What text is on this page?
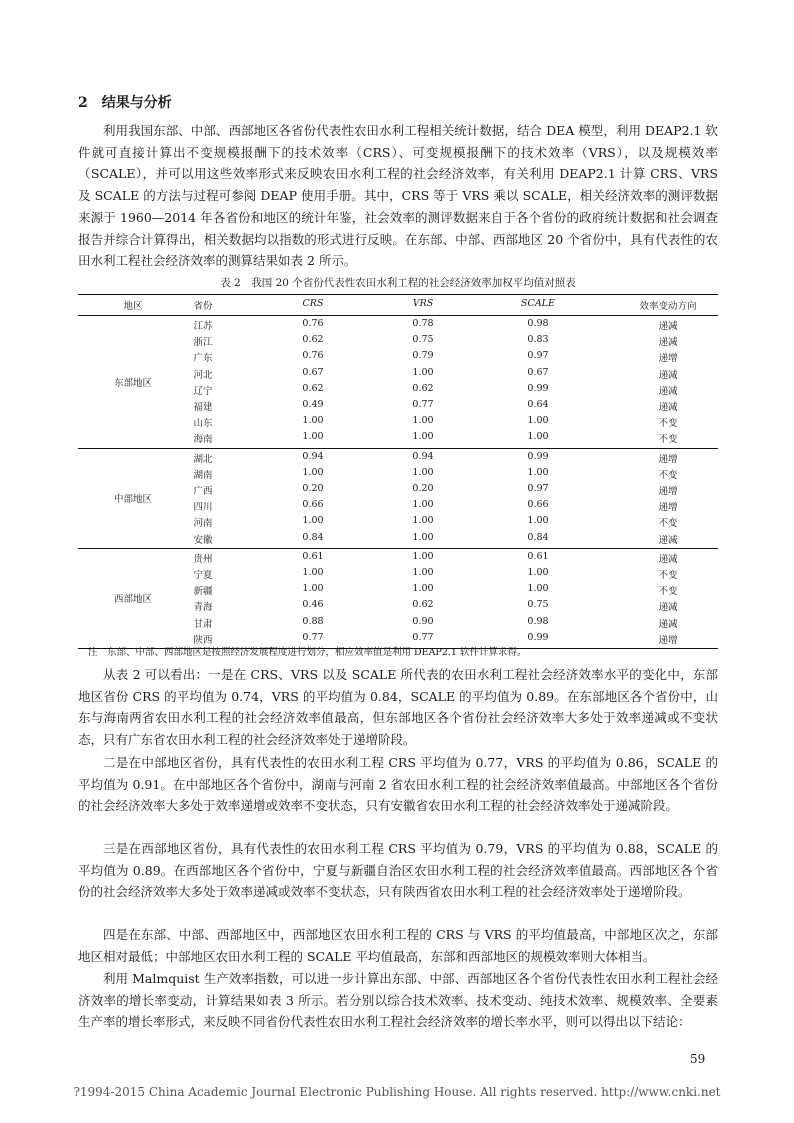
2　结果与分析

利用我国东部、中部、西部地区各省份代表性农田水利工程相关统计数据，结合 DEA 模型，利用 DEAP2.1 软件就可直接计算出不变规模报酬下的技术效率（CRS）、可变规模报酬下的技术效率（VRS），以及规模效率（SCALE），并可以用这些效率形式来反映农田水利工程的社会经济效率，有关利用 DEAP2.1 计算 CRS、VRS 及 SCALE 的方法与过程可参阅 DEAP 使用手册。其中，CRS 等于 VRS 乘以 SCALE，相关经济效率的测评数据来源于 1960—2014 年各省份和地区的统计年鉴，社会效率的测评数据来自于各个省份的政府统计数据和社会调查报告并综合计算得出，相关数据均以指数的形式进行反映。在东部、中部、西部地区 20 个省份中，具有代表性的农田水利工程社会经济效率的测算结果如表 2 所示。

表 2　我国 20 个省份代表性农田水利工程的社会经济效率加权平均值对照表
地区	省份	CRS	VRS	SCALE	效率变动方向
江苏	0.76	0.78	0.98	递减
浙江	0.62	0.75	0.83	递减
广东	0.76	0.79	0.97	递增
河北	0.67	1.00	0.67	递减
辽宁	0.62	0.62	0.99	递减
福建	0.49	0.77	0.64	递减
山东	1.00	1.00	1.00	不变
海南	1.00	1.00	1.00	不变
东部地区
湖北	0.94	0.94	0.99	递增
湖南	1.00	1.00	1.00	不变
广西	0.20	0.20	0.97	递增
四川	0.66	1.00	0.66	递增
河南	1.00	1.00	1.00	不变
安徽	0.84	1.00	0.84	递减
中部地区
贵州	0.61	1.00	0.61	递减
宁夏	1.00	1.00	1.00	不变
新疆	1.00	1.00	1.00	不变
青海	0.46	0.62	0.75	递减
甘肃	0.88	0.90	0.98	递减
陕西	0.77	0.77	0.99	递增
西部地区
注　东部、中部、西部地区是按照经济发展程度进行划分，相应效率值是利用 DEAP2.1 软件计算求得。

从表 2 可以看出：一是在 CRS、VRS 以及 SCALE 所代表的农田水利工程社会经济效率水平的变化中，东部地区省份 CRS 的平均值为 0.74，VRS 的平均值为 0.84，SCALE 的平均值为 0.89。在东部地区各个省份中，山东与海南两省农田水利工程的社会经济效率值最高，但东部地区各个省份社会经济效率大多处于效率递减或不变状态，只有广东省农田水利工程的社会经济效率处于递增阶段。

二是在中部地区省份，具有代表性的农田水利工程 CRS 平均值为 0.77，VRS 的平均值为 0.86，SCALE 的平均值为 0.91。在中部地区各个省份中，湖南与河南 2 省农田水利工程的社会经济效率值最高。中部地区各个省份的社会经济效率大多处于效率递增或效率不变状态，只有安徽省农田水利工程的社会经济效率处于递减阶段。

三是在西部地区省份，具有代表性的农田水利工程 CRS 平均值为 0.79，VRS 的平均值为 0.88，SCALE 的平均值为 0.89。在西部地区各个省份中，宁夏与新疆自治区农田水利工程的社会经济效率值最高。西部地区各个省份的社会经济效率大多处于效率递减或效率不变状态，只有陕西省农田水利工程的社会经济效率处于递增阶段。

四是在东部、中部、西部地区中，西部地区农田水利工程的 CRS 与 VRS 的平均值最高，中部地区次之，东部地区相对最低；中部地区农田水利工程的 SCALE 平均值最高，东部和西部地区的规模效率则大体相当。

利用 Malmquist 生产效率指数，可以进一步计算出东部、中部、西部地区各个省份代表性农田水利工程社会经济效率的增长率变动，计算结果如表 3 所示。若分别以综合技术效率、技术变动、纯技术效率、规模效率、全要素生产率的增长率形式，来反映不同省份代表性农田水利工程社会经济效率的增长率水平，则可以得出以下结论：

59
?1994-2015 China Academic Journal Electronic Publishing House. All rights reserved. http://www.cnki.net
